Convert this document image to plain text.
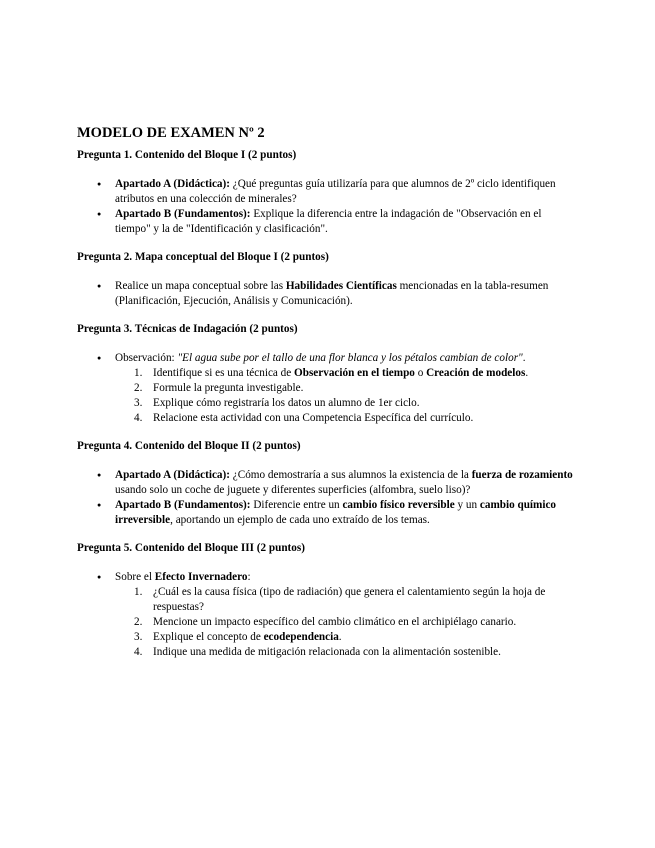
MODELO DE EXAMEN Nº 2
Pregunta 1. Contenido del Bloque I (2 puntos)
● Apartado A (Didáctica): ¿Qué preguntas guía utilizaría para que alumnos de 2º ciclo identifiquen atributos en una colección de minerales?
● Apartado B (Fundamentos): Explique la diferencia entre la indagación de "Observación en el tiempo" y la de "Identificación y clasificación".
Pregunta 2. Mapa conceptual del Bloque I (2 puntos)
● Realice un mapa conceptual sobre las Habilidades Científicas mencionadas en la tabla-resumen (Planificación, Ejecución, Análisis y Comunicación).
Pregunta 3. Técnicas de Indagación (2 puntos)
● Observación: "El agua sube por el tallo de una flor blanca y los pétalos cambian de color".
1. Identifique si es una técnica de Observación en el tiempo o Creación de modelos.
2. Formule la pregunta investigable.
3. Explique cómo registraría los datos un alumno de 1er ciclo.
4. Relacione esta actividad con una Competencia Específica del currículo.
Pregunta 4. Contenido del Bloque II (2 puntos)
● Apartado A (Didáctica): ¿Cómo demostraría a sus alumnos la existencia de la fuerza de rozamiento usando solo un coche de juguete y diferentes superficies (alfombra, suelo liso)?
● Apartado B (Fundamentos): Diferencie entre un cambio físico reversible y un cambio químico irreversible, aportando un ejemplo de cada uno extraído de los temas.
Pregunta 5. Contenido del Bloque III (2 puntos)
● Sobre el Efecto Invernadero:
1. ¿Cuál es la causa física (tipo de radiación) que genera el calentamiento según la hoja de respuestas?
2. Mencione un impacto específico del cambio climático en el archipiélago canario.
3. Explique el concepto de ecodependencia.
4. Indique una medida de mitigación relacionada con la alimentación sostenible.
